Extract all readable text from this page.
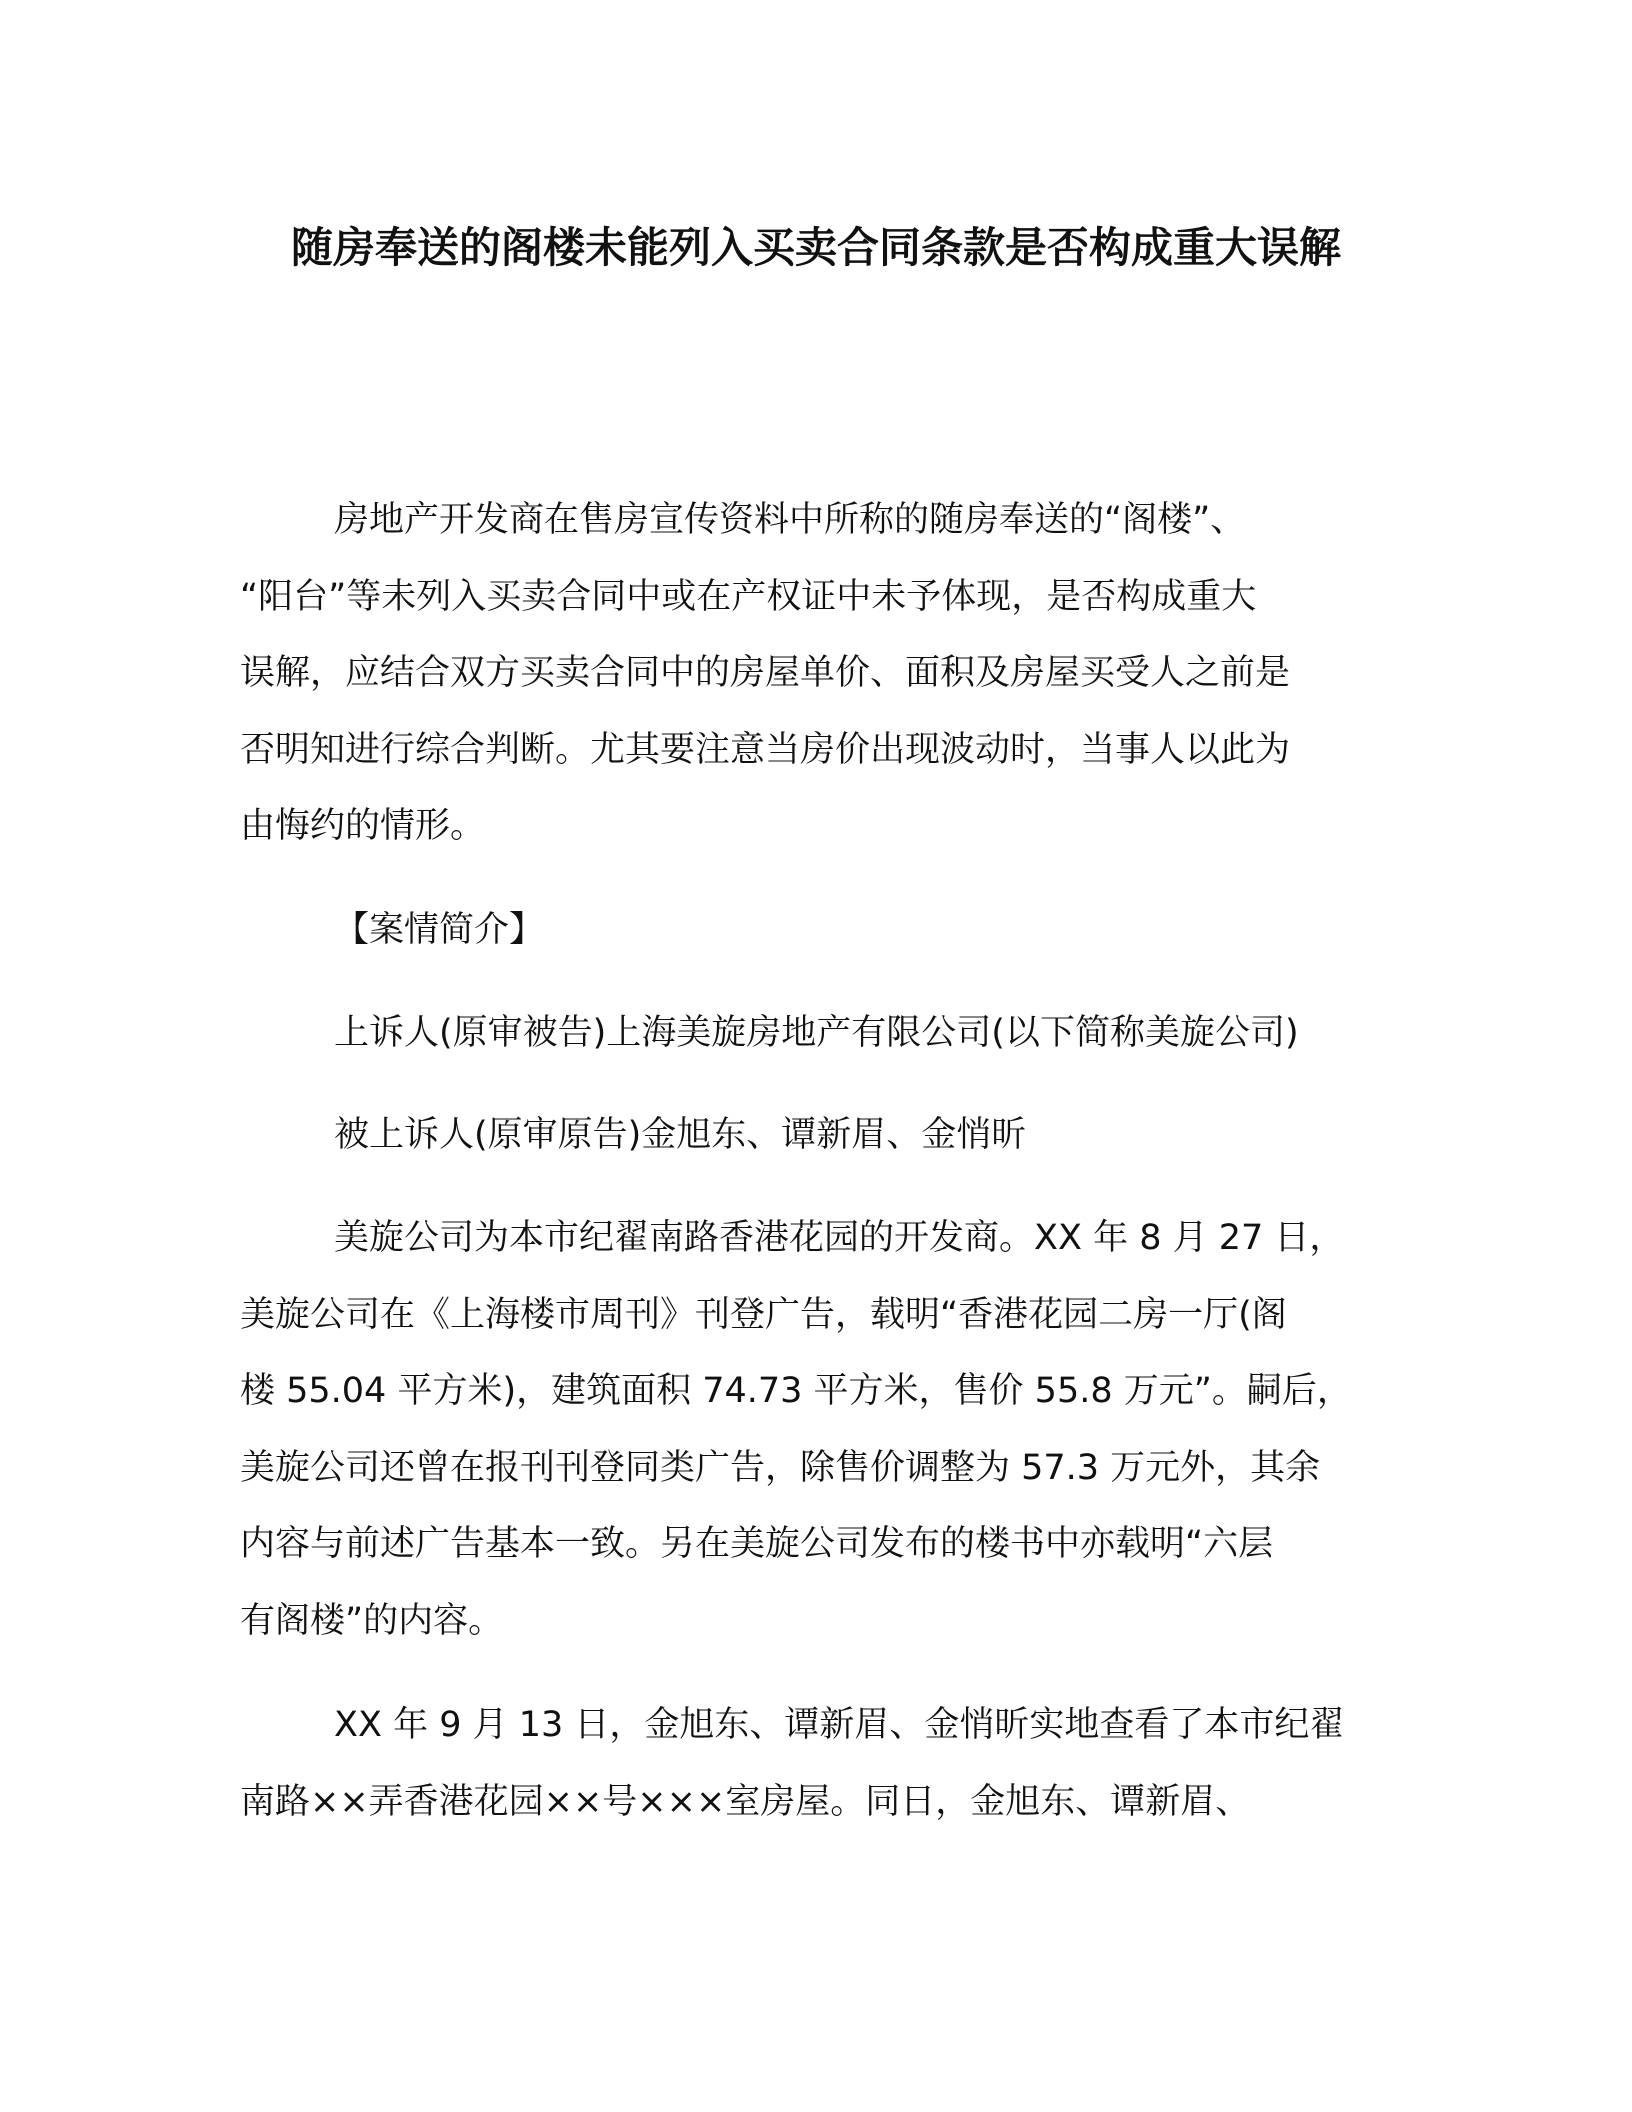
随房奉送的阁楼未能列入买卖合同条款是否构成重大误解
房地产开发商在售房宣传资料中所称的随房奉送的“阁楼”、
“阳台”等未列入买卖合同中或在产权证中未予体现，是否构成重大
误解，应结合双方买卖合同中的房屋单价、面积及房屋买受人之前是
否明知进行综合判断。尤其要注意当房价出现波动时，当事人以此为
由悔约的情形。
【案情简介】
上诉人(原审被告)上海美旋房地产有限公司(以下简称美旋公司)
被上诉人(原审原告)金旭东、谭新眉、金悄昕
美旋公司为本市纪翟南路香港花园的开发商。XX 年 8 月 27 日，
美旋公司在《上海楼市周刊》刊登广告，载明“香港花园二房一厅(阁
楼 55.04 平方米)，建筑面积 74.73 平方米，售价 55.8 万元”。嗣后，
美旋公司还曾在报刊刊登同类广告，除售价调整为 57.3 万元外，其余
内容与前述广告基本一致。另在美旋公司发布的楼书中亦载明“六层
有阁楼”的内容。
XX 年 9 月 13 日，金旭东、谭新眉、金悄昕实地查看了本市纪翟
南路××弄香港花园××号×××室房屋。同日，金旭东、谭新眉、
